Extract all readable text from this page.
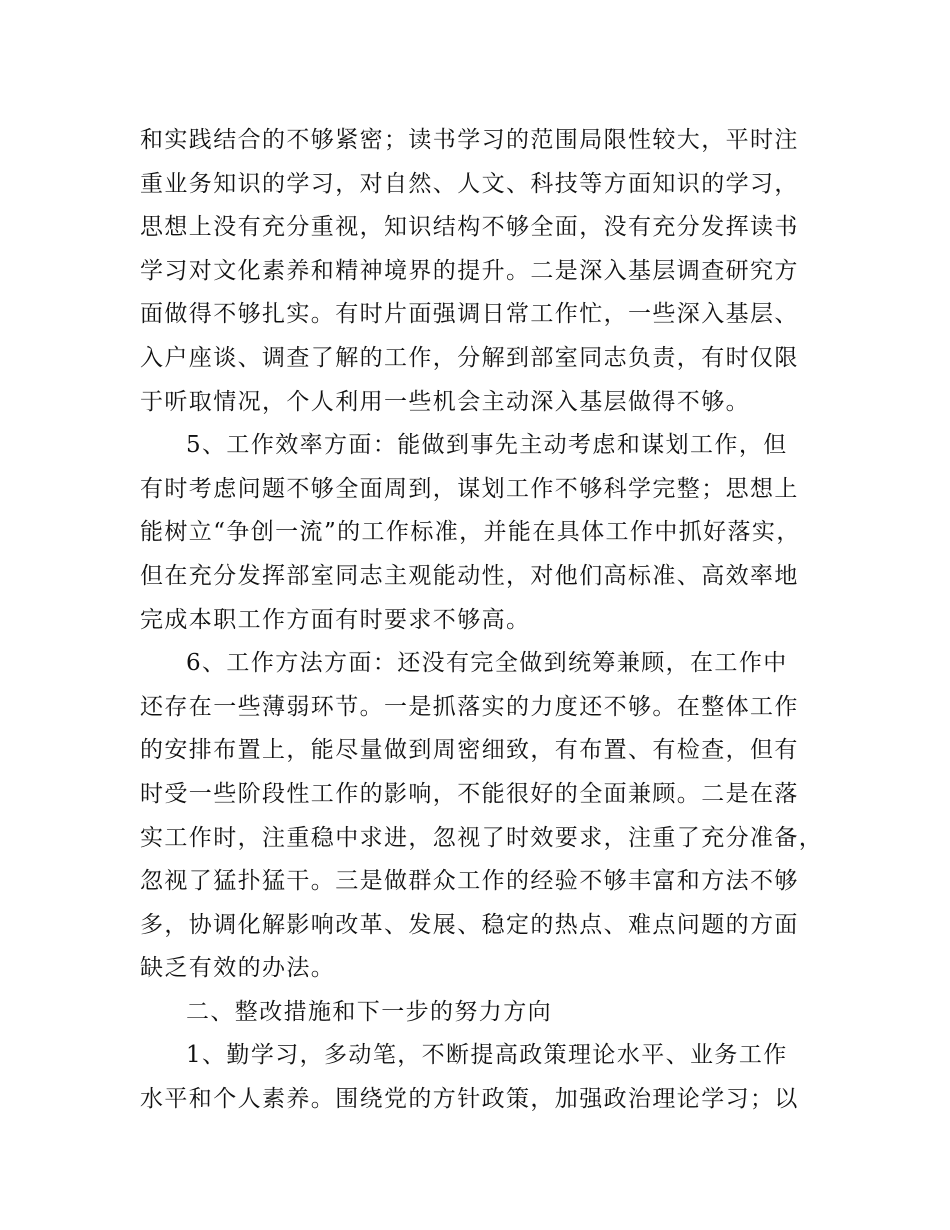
和实践结合的不够紧密；读书学习的范围局限性较大，平时注
重业务知识的学习，对自然、人文、科技等方面知识的学习，
思想上没有充分重视，知识结构不够全面，没有充分发挥读书
学习对文化素养和精神境界的提升。二是深入基层调查研究方
面做得不够扎实。有时片面强调日常工作忙，一些深入基层、
入户座谈、调查了解的工作，分解到部室同志负责，有时仅限
于听取情况，个人利用一些机会主动深入基层做得不够。
5、工作效率方面：能做到事先主动考虑和谋划工作，但
有时考虑问题不够全面周到，谋划工作不够科学完整；思想上
能树立“争创一流”的工作标准，并能在具体工作中抓好落实，
但在充分发挥部室同志主观能动性，对他们高标准、高效率地
完成本职工作方面有时要求不够高。
6、工作方法方面：还没有完全做到统筹兼顾，在工作中
还存在一些薄弱环节。一是抓落实的力度还不够。在整体工作
的安排布置上，能尽量做到周密细致，有布置、有检查，但有
时受一些阶段性工作的影响，不能很好的全面兼顾。二是在落
实工作时，注重稳中求进，忽视了时效要求，注重了充分准备，
忽视了猛扑猛干。三是做群众工作的经验不够丰富和方法不够
多，协调化解影响改革、发展、稳定的热点、难点问题的方面
缺乏有效的办法。
二、整改措施和下一步的努力方向
1、勤学习，多动笔，不断提高政策理论水平、业务工作
水平和个人素养。围绕党的方针政策，加强政治理论学习；以
